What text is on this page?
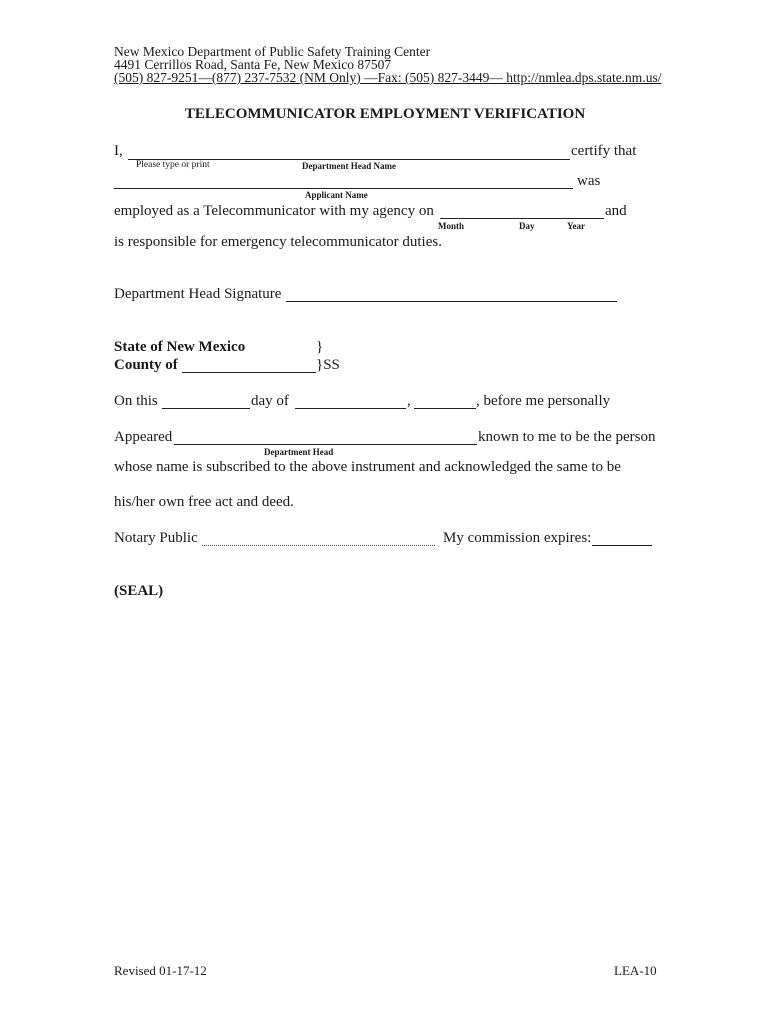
New Mexico Department of Public Safety Training Center
4491 Cerrillos Road, Santa Fe, New Mexico 87507
(505) 827-9251—(877) 237-7532 (NM Only) —Fax: (505) 827-3449— http://nmlea.dps.state.nm.us/
TELECOMMUNICATOR EMPLOYMENT VERIFICATION
I,	certify that
Please type or print	Department Head Name
was
Applicant Name
employed as a Telecommunicator with my agency on	and
Month	Day	Year
is responsible for emergency telecommunicator duties.
Department Head Signature
State of New Mexico	}
County of	}SS
On this	day of	,	, before me personally
Appeared	known to me to be the person
Department Head
whose name is subscribed to the above instrument and acknowledged the same to be
his/her own free act and deed.
Notary Public	My commission expires:
(SEAL)
Revised 01-17-12	LEA-10
